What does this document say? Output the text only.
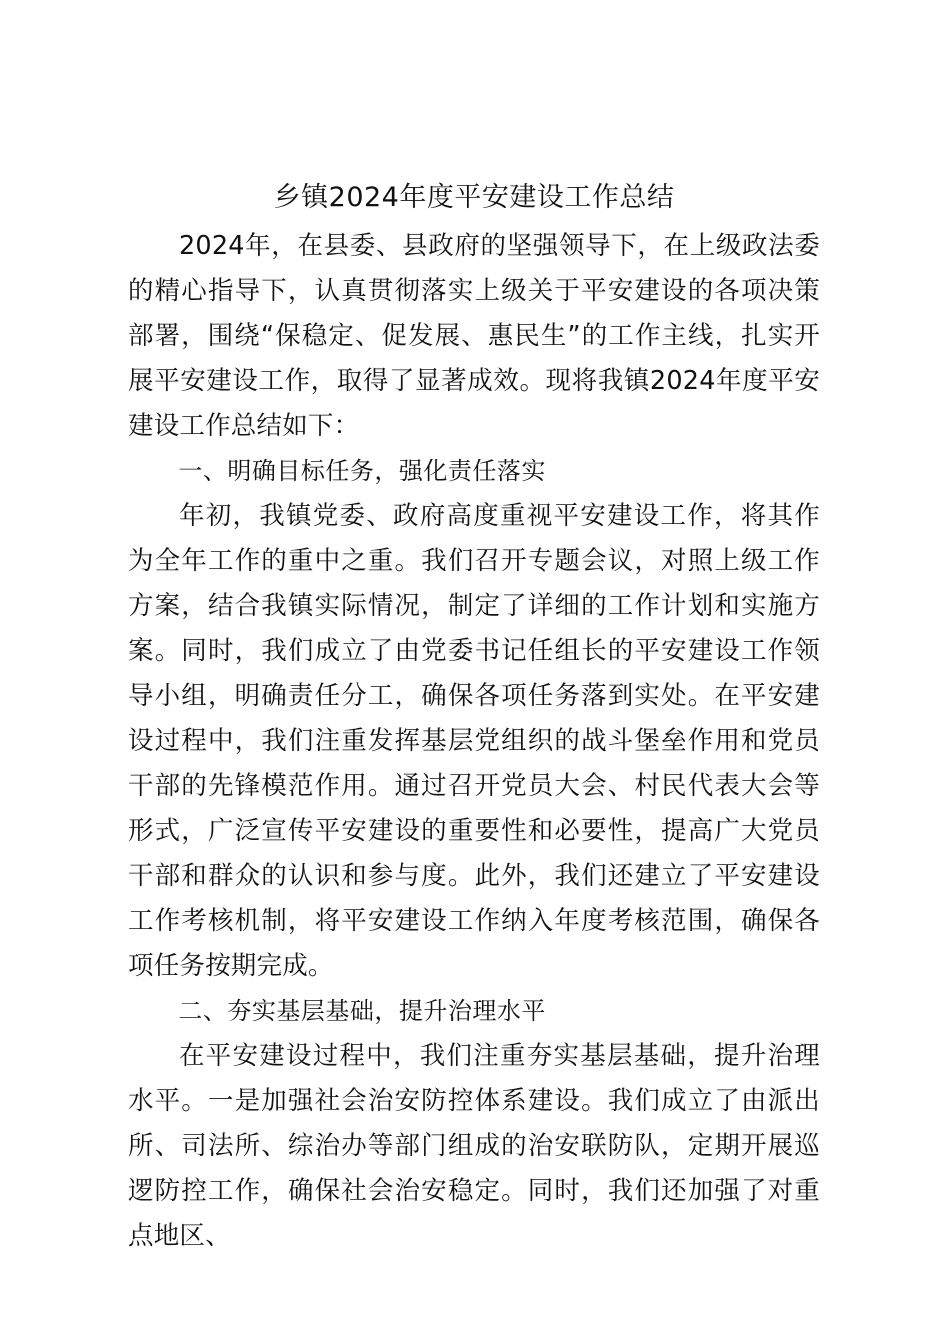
乡镇2024年度平安建设工作总结

2024年，在县委、县政府的坚强领导下，在上级政法委的精心指导下，认真贯彻落实上级关于平安建设的各项决策部署，围绕“保稳定、促发展、惠民生”的工作主线，扎实开展平安建设工作，取得了显著成效。现将我镇2024年度平安建设工作总结如下：

一、明确目标任务，强化责任落实

年初，我镇党委、政府高度重视平安建设工作，将其作为全年工作的重中之重。我们召开专题会议，对照上级工作方案，结合我镇实际情况，制定了详细的工作计划和实施方案。同时，我们成立了由党委书记任组长的平安建设工作领导小组，明确责任分工，确保各项任务落到实处。在平安建设过程中，我们注重发挥基层党组织的战斗堡垒作用和党员干部的先锋模范作用。通过召开党员大会、村民代表大会等形式，广泛宣传平安建设的重要性和必要性，提高广大党员干部和群众的认识和参与度。此外，我们还建立了平安建设工作考核机制，将平安建设工作纳入年度考核范围，确保各项任务按期完成。

二、夯实基层基础，提升治理水平

在平安建设过程中，我们注重夯实基层基础，提升治理水平。一是加强社会治安防控体系建设。我们成立了由派出所、司法所、综治办等部门组成的治安联防队，定期开展巡逻防控工作，确保社会治安稳定。同时，我们还加强了对重点地区、
